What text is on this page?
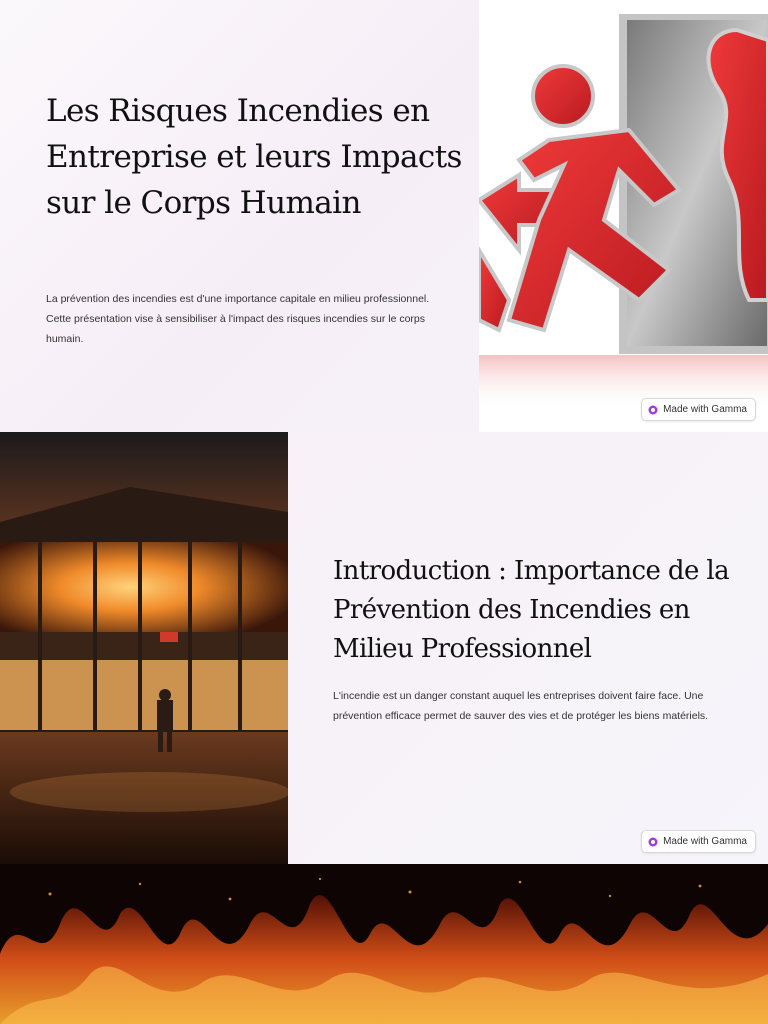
Les Risques Incendies en Entreprise et leurs Impacts sur le Corps Humain

La prévention des incendies est d'une importance capitale en milieu professionnel. Cette présentation vise à sensibiliser à l'impact des risques incendies sur le corps humain.

Made with Gamma
Introduction : Importance de la Prévention des Incendies en Milieu Professionnel

L'incendie est un danger constant auquel les entreprises doivent faire face. Une prévention efficace permet de sauver des vies et de protéger les biens matériels.

Made with Gamma
